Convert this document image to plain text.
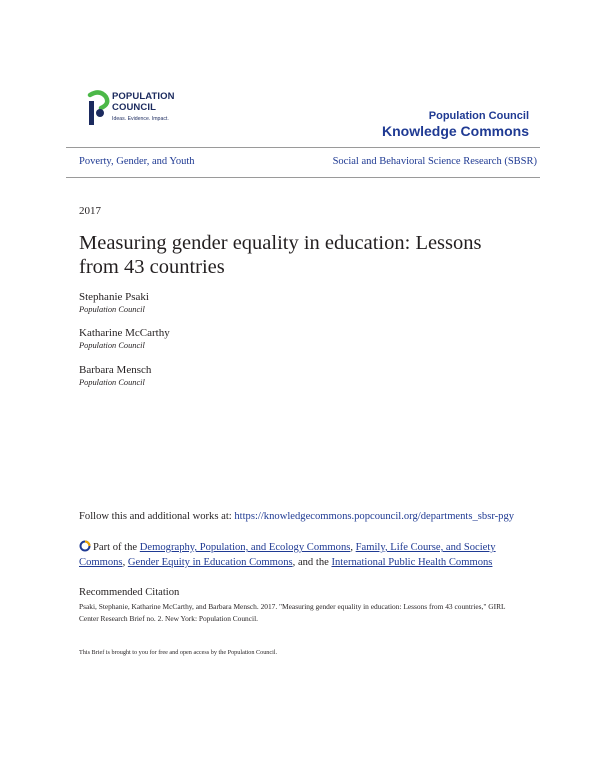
POPULATION
COUNCIL
Ideas. Evidence. Impact.	Population Council
Knowledge Commons
Poverty, Gender, and Youth	Social and Behavioral Science Research (SBSR)
2017
Measuring gender equality in education: Lessons from 43 countries
Stephanie Psaki
Population Council
Katharine McCarthy
Population Council
Barbara Mensch
Population Council
Follow this and additional works at: https://knowledgecommons.popcouncil.org/departments_sbsr-pgy
Part of the Demography, Population, and Ecology Commons, Family, Life Course, and Society Commons, Gender Equity in Education Commons, and the International Public Health Commons
Recommended Citation
Psaki, Stephanie, Katharine McCarthy, and Barbara Mensch. 2017. "Measuring gender equality in education: Lessons from 43 countries," GIRL Center Research Brief no. 2. New York: Population Council.
This Brief is brought to you for free and open access by the Population Council.
